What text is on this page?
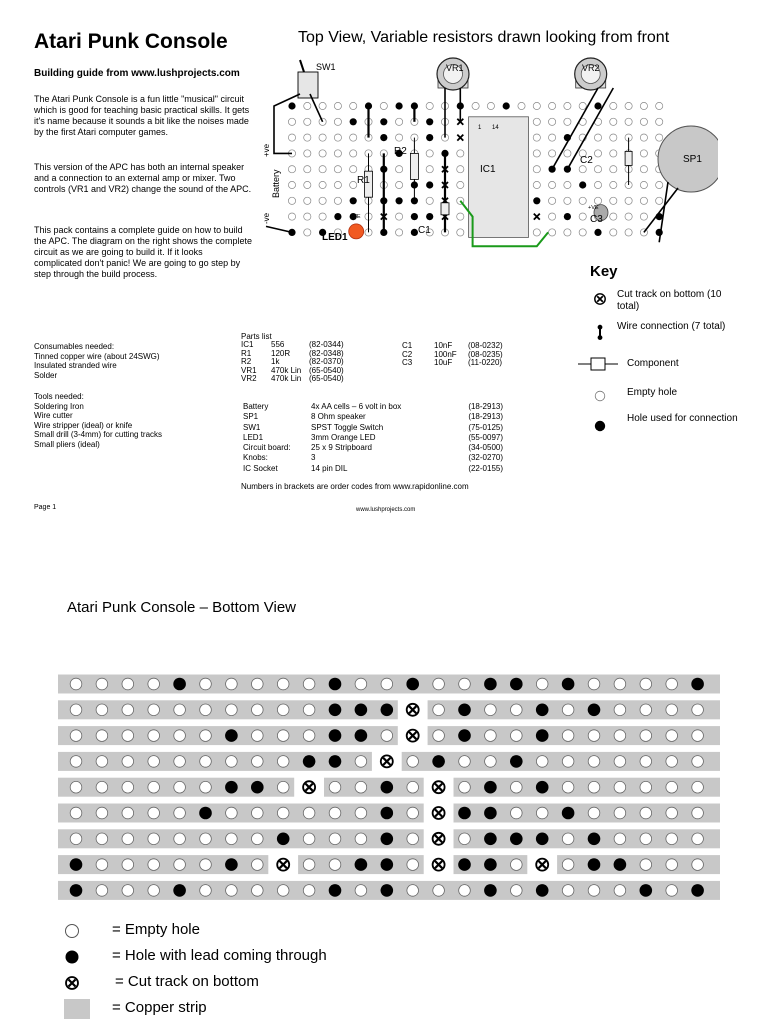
Atari Punk Console	Top View, Variable resistors drawn looking from front
Building guide from www.lushprojects.com
The Atari Punk Console is a fun little "musical" circuit which is good for teaching basic practical skills. It gets it's name because it sounds a bit like the noises made by the first Atari computer games.
This version of the APC has both an internal speaker and a connection to an external amp or mixer. Two controls (VR1 and VR2) change the sound of the APC.
This pack contains a complete guide on how to build the APC. The diagram on the right shows the complete circuit as we are going to build it. If it looks complicated don't panic! We are going to go step by step through the build process.
Consumables needed:
Tinned copper wire (about 24SWG)
Insulated stranded wire
Solder
Tools needed:
Soldering Iron
Wire cutter
Wire stripper (ideal) or knife
Small drill (3-4mm) for cutting tracks
Small pliers (ideal)
Parts list
IC1	556	(82-0344)
R1	120R	(82-0348)
R2	1k	(82-0370)
VR1	470k Lin	(65-0540)
VR2	470k Lin	(65-0540)
C1	10nF	(08-0232)
C2	100nF	(08-0235)
C3	10uF	(11-0220)
Battery	4x AA cells – 6 volt in box	(18-2913)
SP1	8 Ohm speaker	(18-2913)
SW1	SPST Toggle Switch	(75-0125)
LED1	3mm Orange LED	(55-0097)
Circuit board:	25 x 9 Stripboard	(34-0500)
Knobs:	3	(32-0270)
IC Socket	14 pin DIL	(22-0155)
Numbers in brackets are order codes from www.rapidonline.com
Page 1	www.lushprojects.com
SW1	VR1	VR2
IC1
1 14
R1
R2
C1
C2
C3
LED1
+VE
+VE
SP1
Battery
+ve
-ve
Key
Cut track on bottom (10 total)
Wire connection (7 total)
Component
Empty hole
Hole used for connection
Atari Punk Console – Bottom View
= Empty hole
= Hole with lead coming through
= Cut track on bottom
= Copper strip
